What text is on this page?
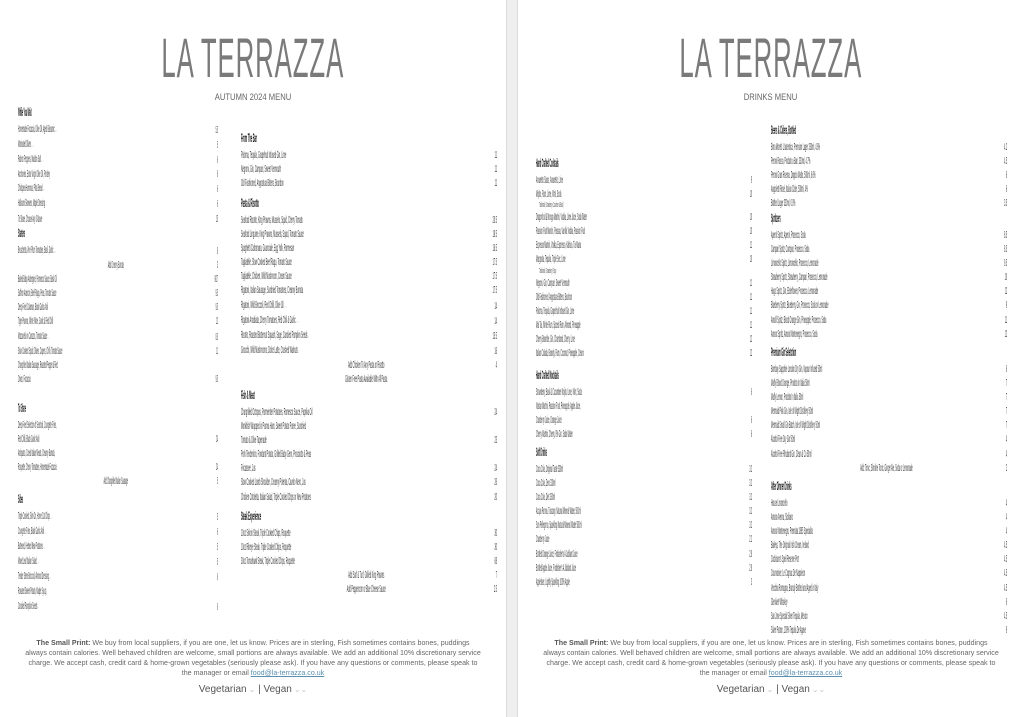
LA TERRAZZA
AUTUMN 2024 MENU
While You Wait
Homemade Focaccia, Olive Oil, Aged Balsamic⌄⌄	5.5
Marinated Olives⌄⌄	5
Padron Peppers, Maldon Salt⌄⌄	6
Anchovies, Extra Virgin Olive Oil, Parsley	6
Chickpea Hummus, Pitta Bread⌄⌄	6
Halloumi Skewers, Maple Dressing⌄	6
To Share, Choose Any 3 Above	15
Starters
Bruschetta, Vine Plum Tomatoes, Basil, Garlic⌄⌄	8
Add Creamy Burrata	3
Baked Baby Aubergine, Romesco Sauce, Basil Oil	9/17
Saffron Arancini, Beef Ragu, Peas, Tomato Sauce	9.5
Deep Fried Calamari, Black Garlic Aioli	9.5
Tiger Prawns, White Wine, Garlic & Red Chilli	12
Mozzarella in Carozza, Tomato Sauce⌄	8.5
Slow Cooked Squid, Olives, Capers, Chilli, Tomato Sauce	11
Chargrilled Italian Sausage, Roasted Pepper & Red
Onion, Focaccia	9.5
To Share
Deep Fried Selection of Seafood, Courgette Fries,
Red Chilli, Black Garlic Aioli	24
Antipasto, Cured Italian Meats, Creamy Burrata,
Roquette, Cherry Tomatoes, Homemade Focaccia	24
Add Chargrilled Italian Sausage	5
Sides
Triple Cooked, Skin On, Home Cut Chips⌄⌄	5
Courgette Fries, Black Garlic Aioli⌄⌄	6
Buttered, Herbed New Potatoes⌄⌄	5
Mixed Leaf Italian Salad⌄⌄	5
Tender Stem Broccoli, Almond Dressing⌄⌄	6
Roasted Sweet Potato, Maple Syrup,
Candied Pumpkin Seeds⌄	6
From The Bar
Paloma, Tequila, Grapefruit Infused Gin, Lime	11
Negroni, Gin, Campari, Sweet Vermouth	11
Old Fashioned, Angostura Bitters, Bourbon	11
Pasta & Risotto
Seafood Risotto, King Prawns, Mussels, Squid, Cherry Tomato	20.5
Seafood Linguine, King Prawns, Mussels, Squid, Tomato Sauce	19.5
Spaghetti Carbonara, Guanciale, Egg Yolk, Parmesan	16.5
Tagliatelle, Slow Cooked Beef Ragu, Tomato Sauce	17.5
Tagliatelle, Chicken, Wild Mushroom, Cream Sauce	17.5
Rigatoni, Italian Sausage, Sundried Tomatoes, Creamy Burrata	17.5
Rigatoni, Wild Broccoli, Red Chilli, Olive Oil⌄⌄	14
Rigatoni Arrabiata, Cherry Tomatoes, Red Chili & Garlic⌄⌄	14
Risotto, Roasted Butternut Squash, Sage, Candied Pumpkin Seeds⌄	15.5
Gnocchi, Wild Mushrooms, Dolce Latte, Crushed Walnuts⌄	16
Add Chicken To Any Pasta or Risotto	4
Gluten Free Pasta Available With All Pasta
Fish & Meat
Chargrilled Octopus, Parmentier Potatoes, Romesco Sauce, Paprika Oil	24
Monkfish Wrapped in Parma Ham, Sweet Potato Puree, Sundried
Tomato & Olive Tapenade	23
Pork Tenderloin, Fondant Potato, Grilled Baby Gem, Prosciutto & Peas
Fricassee, Jus	24
Slow Cooked Lamb Shoulder, Creamy Polenta, Cavolo Nero, Jus	26
Chicken Cotoletta, Italian Salad, Triple Cooked Chips or New Potatoes	20
Steak Experience
10oz Sirloin Steak, Triple Cooked Chips, Roquette	30
10oz Ribeye Steak, Triple Cooked Chips, Roquette	30
30oz Tomahawk Steak, Triple Cooked Chips, Roquette	68
Add Surf & Turf, Grilled King Prawns	7
Add Peppercorn or Blue Cheese Sauce	2.5
The Small Print: We buy from local suppliers, if you are one, let us know. Prices are in sterling, Fish sometimes contains bones, puddings always contain calories. Well behaved children are welcome, small portions are always available. We add an additional 10% discretionary service charge. We accept cash, credit card & home-grown vegetables (seriously please ask). If you have any questions or comments, please speak to the manager or email food@la-terrazza.co.uk
Vegetarian ⌄ | Vegan ⌄⌄
LA TERRAZZA
DRINKS MENU
Hand Crafted Cocktails
Amaretto Sours, Amaretto, Lime	9
Mojito, Rum, Lime, Mint, Soda	10
Traditional | Strawberry, Cucumber & Basil |
Dragonfruit & Mango Martini, Vodka, Lime Juice, Soda Water	10
Passion Fruit Martini, Passoa, Vanilla Vodka, Passion Fruit	10
Espresso Martini, Vodka, Espresso, Kahlua, Tia Maria	11
Margarita, Tequila, Triple Sec, Lime	10
Traditional | Strawberry | Spicy
Negroni, Gin, Campari, Sweet Vermouth	11
Old Fashioned, Angostura Bitters, Bourbon	11
Paloma, Tequila, Grapefruit Infused Gin, Lime	11
Mai Tai, White Rum, Spiced Rum, Almond, Pineapple	11
Cherry Bramble, Gin, Chambord, Cherry, Lime	12
Italian Colada, Brandy, Rum, Coconut, Pineapple, Cream	12
Hand Crafted Mocktails
Strawberry, Basil & Cucumber Nojito, Lime, Mint, Soda	6
Nostar Martini, Passion Fruit, Pineapple, Apple Juice,
Cranberry Juice, Orange Juice	6
Cherry Martini, Cherry, 0% Gin, Soda Water	6
Soft Drinks
Coca Cola, Original Taste 330ml	3.2
Coca Cola, Zero 330ml	3.2
Coca Cola, Diet 330ml	3.2
Acqua Panna, Tuscany, Natural Mineral Water, 500ml	3.2
San Pellegrino, Sparkling Natural Mineral Water 500ml	3.2
Cranberry Juice	2.2
Bottled Orange Juice, Frobisher's A Jubilant Juice	2.8
Bottled Apple Juice, Frobisher's A Jubilant Juice	2.8
Appletiser, Lightly Sparkling 100% Apple	3
Beers & Ciders, Bottled
Birra Moretti L'autentica, Premium Lager 330ml, 4.6%	4.2
Peroni Rosso, Produto a Bari, 330ml, 4.7%	4.5
Peroni Gran Riserva, Doppio Malto, 500ml, 6.6%	6
Angioletti Rosé, Italian Cider, 500ml, 4%	6
Bottled Lager 330ml, 0.0%	3.5
Spritzers
Aperol Spritz, Aperol, Prosecco, Soda	8.5
Campari Spritz, Campari, Prosecco, Soda	8.5
Limoncello Spritz, Limoncello, Prosecco, Lemonade	9.5
Strawberry Spritz, Strawberry, Campari, Prosecco, Lemonade	10
Hugo Spritz, Gin, Elderflower, Prosecco, Lemonade	12
Blueberry Spritz, Blueberry, Gin, Prosecco, Soda or Lemonade	9
Amalfi Spritz, Blood Orange Gin, Pineapple, Prosecco, Soda	11
Amaro Spritz, Amaro Montenegro, Prosecco, Soda	12
Premium Gin Seletction
Bombay Sapphire London Dry Gin, Vapour Infused 50ml	6
Malfy Blood Orange, Prodoto In Italia 50ml	7
Malfy Lemon, Prodoto In Italia 50ml	7
Mermaid Pink Gin, Isle of Wight Distillery 50ml	7
Mermaid Small Gin Batch, Isle of Wight Distillery 50ml	7
Alcohol Free Dry Gin 50ml	4
Alcohol Free Rhubarb Gin, Clean & Co 50ml	4
Add: Tonic, Slimline Tonic, Ginger Ale, Soda or Lemonade	2
After Dinner Drinks
House Limoncello	4
Amaro Averna, Siciliano	4
Amaro Montenegro, Premiata 1885 Specialita	4
Baileys, The Original Irish Cream, Ireland	4.5
Cockburn's Speil Reserve Port	4.5
Courvoisier, Le Cognac De Napoleon	4.5
Vecchia Romagna, Brandy Bottled and Aged in Italy	4.5
Glenlivet Whiskey	6
San Jose Special Silver Tequila, Mexico	4.5
Silver Patron, 100% Tequila De Agave	9
The Small Print: We buy from local suppliers, if you are one, let us know. Prices are in sterling, Fish sometimes contains bones, puddings always contain calories. Well behaved children are welcome, small portions are always available. We add an additional 10% discretionary service charge. We accept cash, credit card & home-grown vegetables (seriously please ask). If you have any questions or comments, please speak to the manager or email food@la-terrazza.co.uk
Vegetarian ⌄ | Vegan ⌄⌄
